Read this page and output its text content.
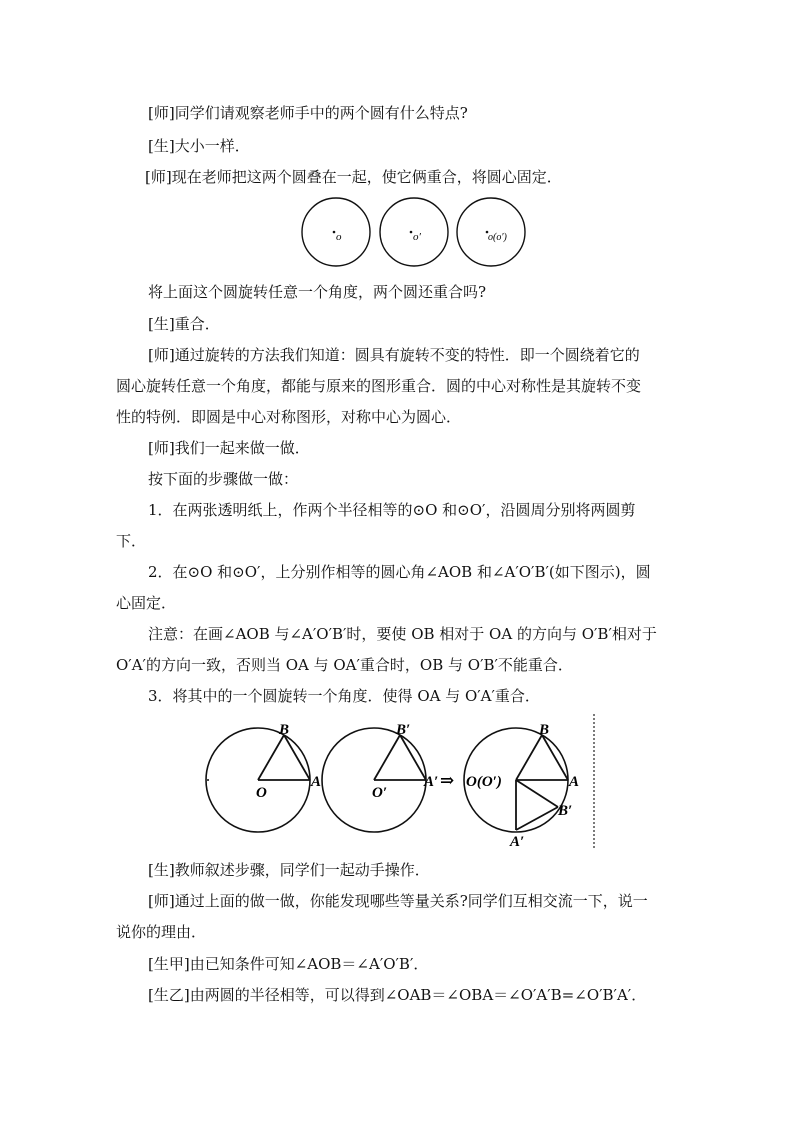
[师]同学们请观察老师手中的两个圆有什么特点?
[生]大小一样．
[师]现在老师把这两个圆叠在一起，使它俩重合，将圆心固定．
o	o′	o(o′)
将上面这个圆旋转任意一个角度，两个圆还重合吗?
[生]重合．
[师]通过旋转的方法我们知道：圆具有旋转不变的特性．即一个圆绕着它的
圆心旋转任意一个角度，都能与原来的图形重合．圆的中心对称性是其旋转不变
性的特例．即圆是中心对称图形，对称中心为圆心．
[师]我们一起来做一做．
按下面的步骤做一做：
1．在两张透明纸上，作两个半径相等的⊙O 和⊙O′，沿圆周分别将两圆剪
下．
2．在⊙O 和⊙O′，上分别作相等的圆心角∠AOB 和∠A′O′B′(如下图示)，圆
心固定．
注意：在画∠AOB 与∠A′O′B′时，要使 OB 相对于 OA 的方向与 O′B′相对于
O′A′的方向一致，否则当 OA 与 OA′重合时，OB 与 O′B′不能重合．
3．将其中的一个圆旋转一个角度．使得 OA 与 O′A′重合．
B
O
A
B′
O′
A′ ⇒
B
O(O′)	A
B′
A′
[生]教师叙述步骤，同学们一起动手操作．
[师]通过上面的做一做，你能发现哪些等量关系?同学们互相交流一下，说一
说你的理由．
[生甲]由已知条件可知∠AOB＝∠A′O′B′．
[生乙]由两圆的半径相等，可以得到∠OAB＝∠OBA＝∠O′A′B=∠O′B′A′．
